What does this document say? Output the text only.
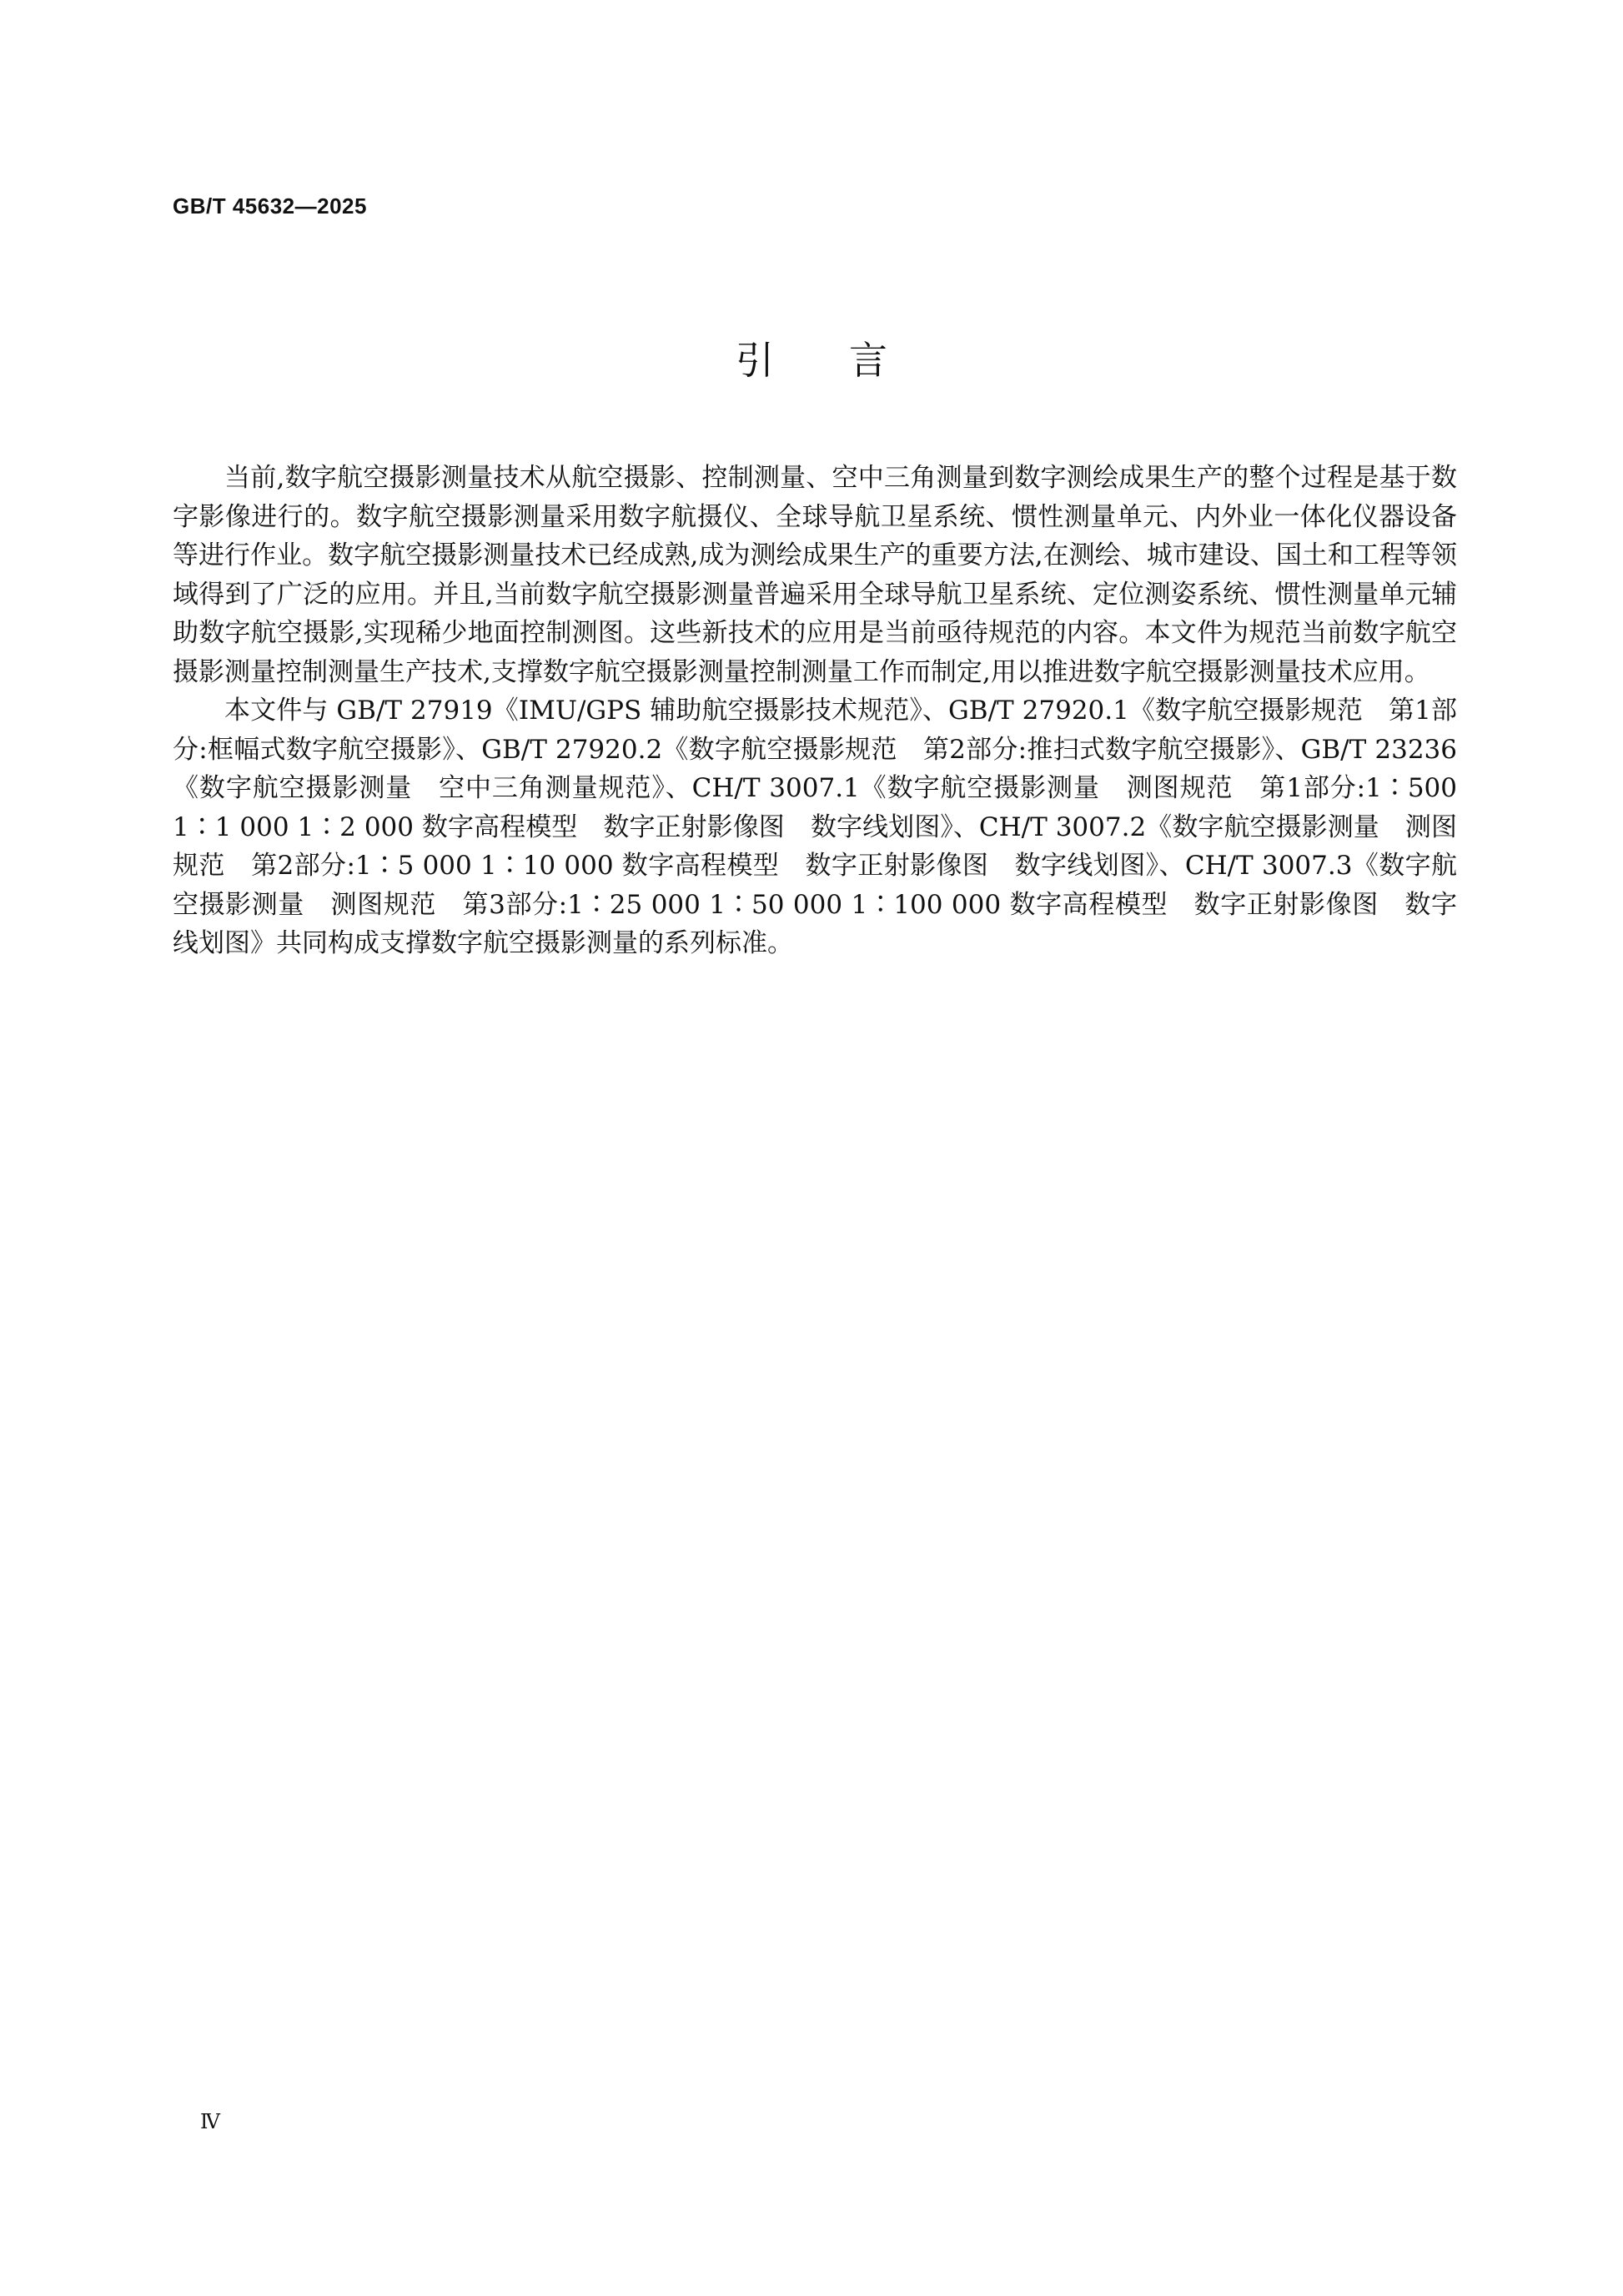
GB/T 45632—2025
引言

当前,数字航空摄影测量技术从航空摄影、控制测量、空中三角测量到数字测绘成果生产的整个过程是基于数字影像进行的。数字航空摄影测量采用数字航摄仪、全球导航卫星系统、惯性测量单元、内外业一体化仪器设备等进行作业。数字航空摄影测量技术已经成熟,成为测绘成果生产的重要方法,在测绘、城市建设、国土和工程等领域得到了广泛的应用。并且,当前数字航空摄影测量普遍采用全球导航卫星系统、定位测姿系统、惯性测量单元辅助数字航空摄影,实现稀少地面控制测图。这些新技术的应用是当前亟待规范的内容。本文件为规范当前数字航空摄影测量控制测量生产技术,支撑数字航空摄影测量控制测量工作而制定,用以推进数字航空摄影测量技术应用。

本文件与 GB/T 27919《IMU/GPS 辅助航空摄影技术规范》、GB/T 27920.1《数字航空摄影规范　第1部分:框幅式数字航空摄影》、GB/T 27920.2《数字航空摄影规范　第2部分:推扫式数字航空摄影》、GB/T 23236《数字航空摄影测量　空中三角测量规范》、CH/T 3007.1《数字航空摄影测量　测图规范　第1部分:1∶500 1∶1 000 1∶2 000 数字高程模型　数字正射影像图　数字线划图》、CH/T 3007.2《数字航空摄影测量　测图规范　第2部分:1∶5 000 1∶10 000 数字高程模型　数字正射影像图　数字线划图》、CH/T 3007.3《数字航空摄影测量　测图规范　第3部分:1∶25 000 1∶50 000 1∶100 000 数字高程模型　数字正射影像图　数字线划图》共同构成支撑数字航空摄影测量的系列标准。

Ⅳ
